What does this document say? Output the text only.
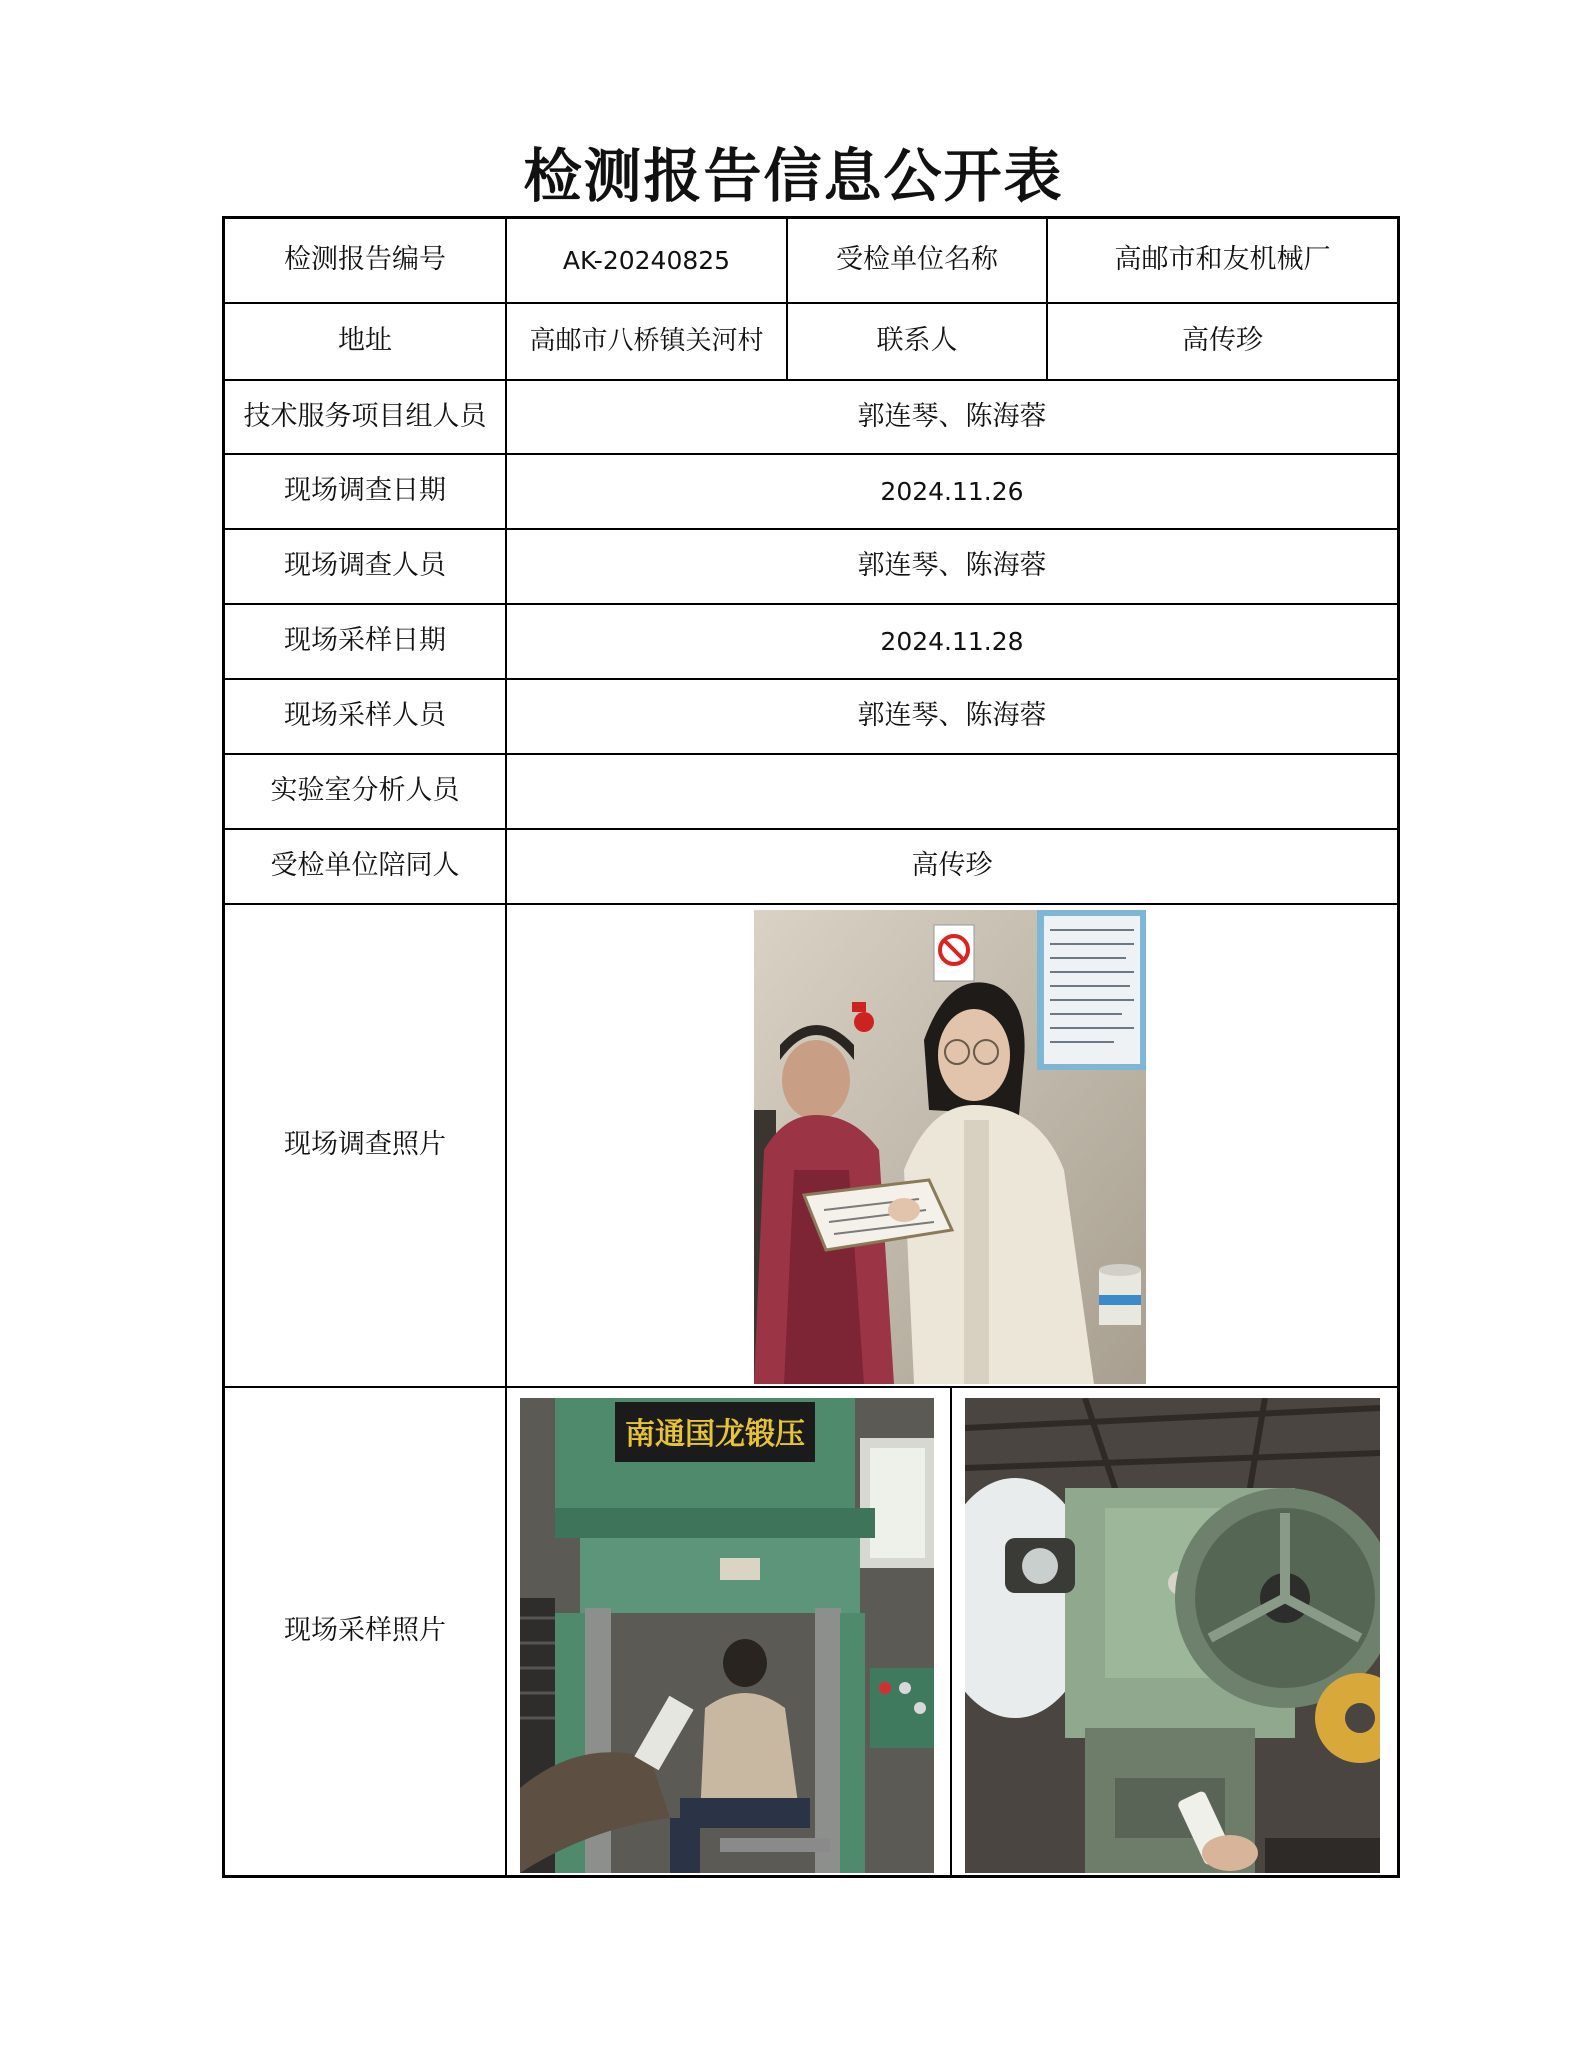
检测报告信息公开表
检测报告编号	AK-20240825	受检单位名称	高邮市和友机械厂
地址	高邮市八桥镇关河村	联系人	高传珍
技术服务项目组人员	郭连琴、陈海蓉
现场调查日期	2024.11.26
现场调查人员	郭连琴、陈海蓉
现场采样日期	2024.11.28
现场采样人员	郭连琴、陈海蓉
实验室分析人员
受检单位陪同人	高传珍
现场调查照片
现场采样照片
南通国龙锻压
